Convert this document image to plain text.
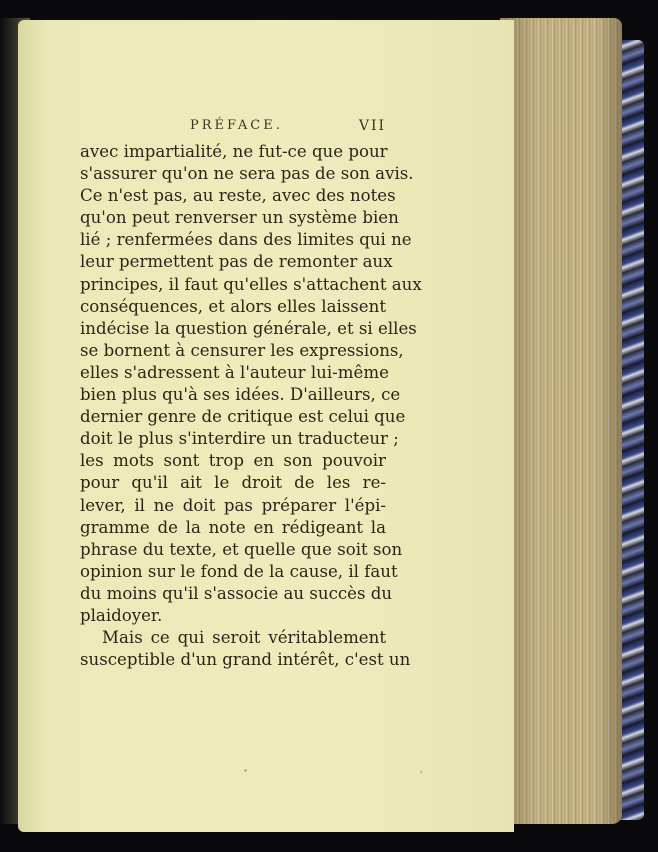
PRÉFACE.	VII
avec impartialité, ne fut-ce que pour
s'assurer qu'on ne sera pas de son avis.
Ce n'est pas, au reste, avec des notes
qu'on peut renverser un système bien
lié ; renfermées dans des limites qui ne
leur permettent pas de remonter aux
principes, il faut qu'elles s'attachent aux
conséquences, et alors elles laissent
indécise la question générale, et si elles
se bornent à censurer les expressions,
elles s'adressent à l'auteur lui-même
bien plus qu'à ses idées. D'ailleurs, ce
dernier genre de critique est celui que
doit le plus s'interdire un traducteur ;
les mots sont trop en son pouvoir
pour qu'il ait le droit de les re-
lever, il ne doit pas préparer l'épi-
gramme de la note en rédigeant la
phrase du texte, et quelle que soit son
opinion sur le fond de la cause, il faut
du moins qu'il s'associe au succès du
plaidoyer.
Mais ce qui seroit véritablement
susceptible d'un grand intérêt, c'est un
ˇ	'
